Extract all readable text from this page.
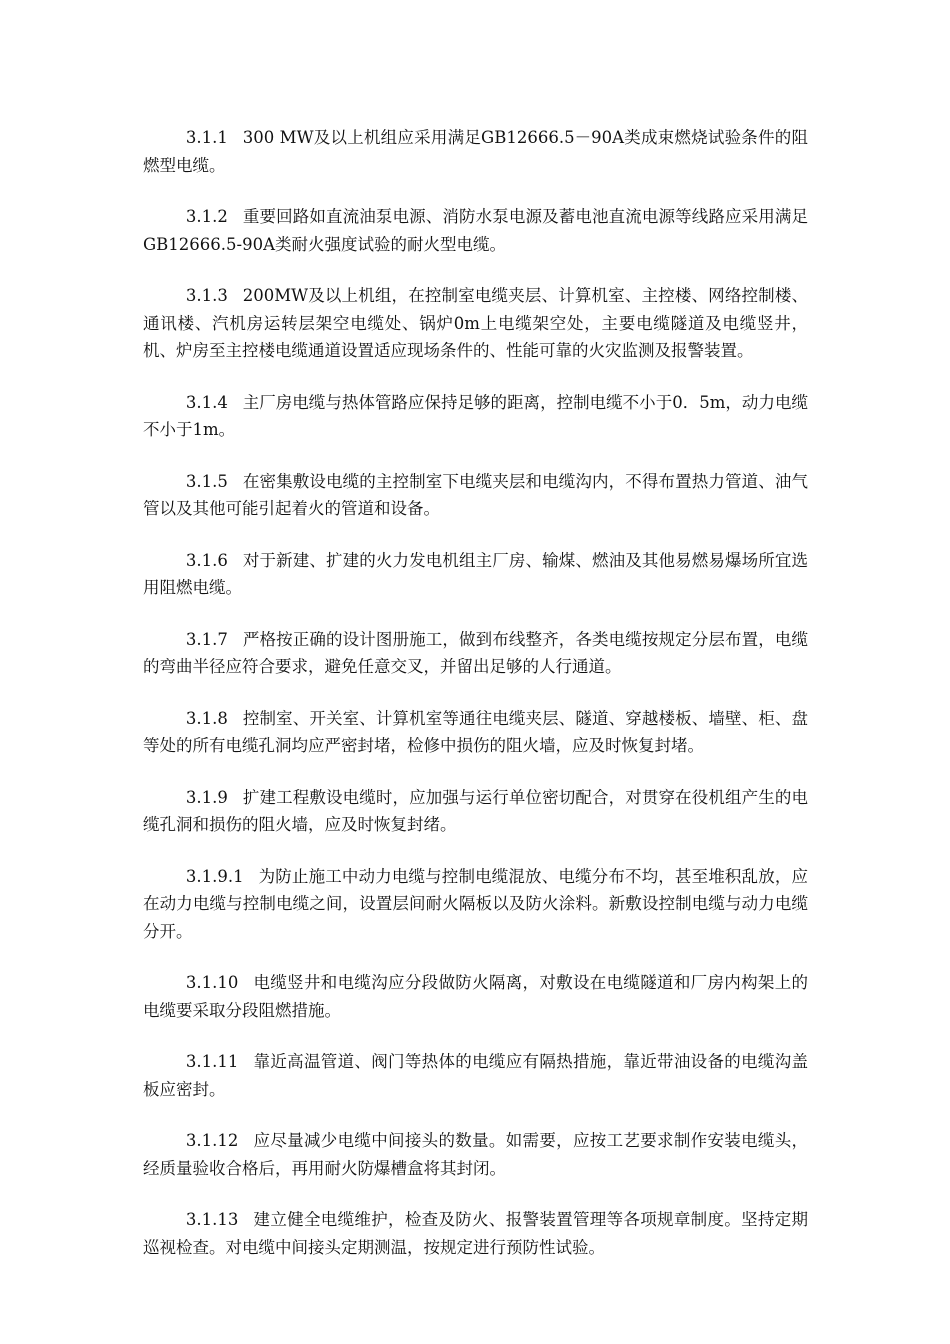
3.1.1 300 MW及以上机组应采用满足GB12666.5－90A类成束燃烧试验条件的阻燃型电缆。

3.1.2 重要回路如直流油泵电源、消防水泵电源及蓄电池直流电源等线路应采用满足GB12666.5-90A类耐火强度试验的耐火型电缆。

3.1.3 200MW及以上机组，在控制室电缆夹层、计算机室、主控楼、网络控制楼、通讯楼、汽机房运转层架空电缆处、锅炉0m上电缆架空处，主要电缆隧道及电缆竖井，机、炉房至主控楼电缆通道设置适应现场条件的、性能可靠的火灾监测及报警装置。

3.1.4 主厂房电缆与热体管路应保持足够的距离，控制电缆不小于0．5m，动力电缆不小于1m。

3.1.5 在密集敷设电缆的主控制室下电缆夹层和电缆沟内，不得布置热力管道、油气管以及其他可能引起着火的管道和设备。

3.1.6 对于新建、扩建的火力发电机组主厂房、输煤、燃油及其他易燃易爆场所宜选用阻燃电缆。

3.1.7 严格按正确的设计图册施工，做到布线整齐，各类电缆按规定分层布置，电缆的弯曲半径应符合要求，避免任意交叉，并留出足够的人行通道。

3.1.8 控制室、开关室、计算机室等通往电缆夹层、隧道、穿越楼板、墙壁、柜、盘等处的所有电缆孔洞均应严密封堵，检修中损伤的阻火墙，应及时恢复封堵。

3.1.9 扩建工程敷设电缆时，应加强与运行单位密切配合，对贯穿在役机组产生的电缆孔洞和损伤的阻火墙，应及时恢复封绪。

3.1.9.1 为防止施工中动力电缆与控制电缆混放、电缆分布不均，甚至堆积乱放，应在动力电缆与控制电缆之间，设置层间耐火隔板以及防火涂料。新敷设控制电缆与动力电缆分开。

3.1.10 电缆竖井和电缆沟应分段做防火隔离，对敷设在电缆隧道和厂房内构架上的电缆要采取分段阻燃措施。

3.1.11 靠近高温管道、阀门等热体的电缆应有隔热措施，靠近带油设备的电缆沟盖板应密封。

3.1.12 应尽量减少电缆中间接头的数量。如需要，应按工艺要求制作安装电缆头，经质量验收合格后，再用耐火防爆槽盒将其封闭。

3.1.13 建立健全电缆维护，检查及防火、报警装置管理等各项规章制度。坚持定期巡视检查。对电缆中间接头定期测温，按规定进行预防性试验。
